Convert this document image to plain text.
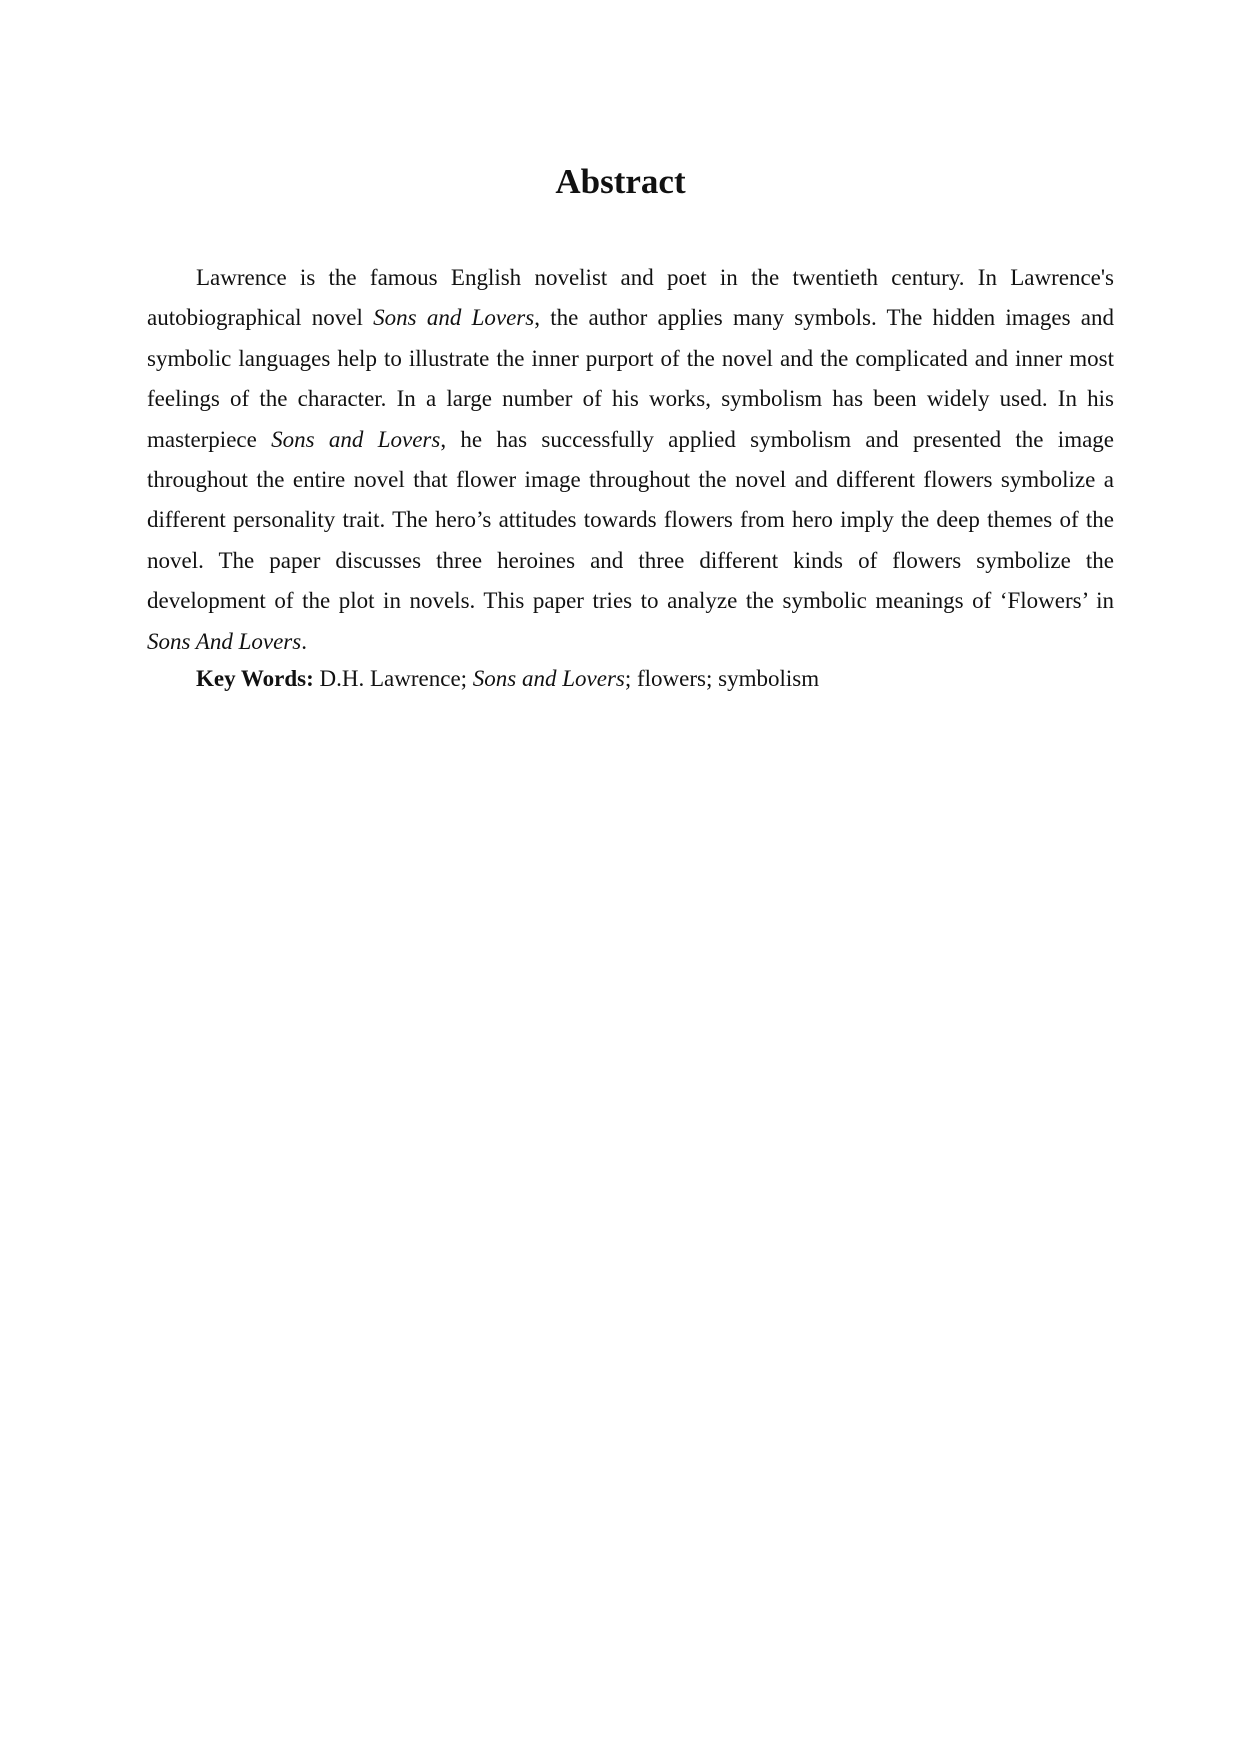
Abstract

Lawrence is the famous English novelist and poet in the twentieth century. In Lawrence's autobiographical novel Sons and Lovers, the author applies many symbols. The hidden images and symbolic languages help to illustrate the inner purport of the novel and the complicated and inner most feelings of the character. In a large number of his works, symbolism has been widely used. In his masterpiece Sons and Lovers, he has successfully applied symbolism and presented the image throughout the entire novel that flower image throughout the novel and different flowers symbolize a different personality trait. The hero’s attitudes towards flowers from hero imply the deep themes of the novel. The paper discusses three heroines and three different kinds of flowers symbolize the development of the plot in novels. This paper tries to analyze the symbolic meanings of ‘Flowers’ in Sons And Lovers.

Key Words: D.H. Lawrence; Sons and Lovers; flowers; symbolism
